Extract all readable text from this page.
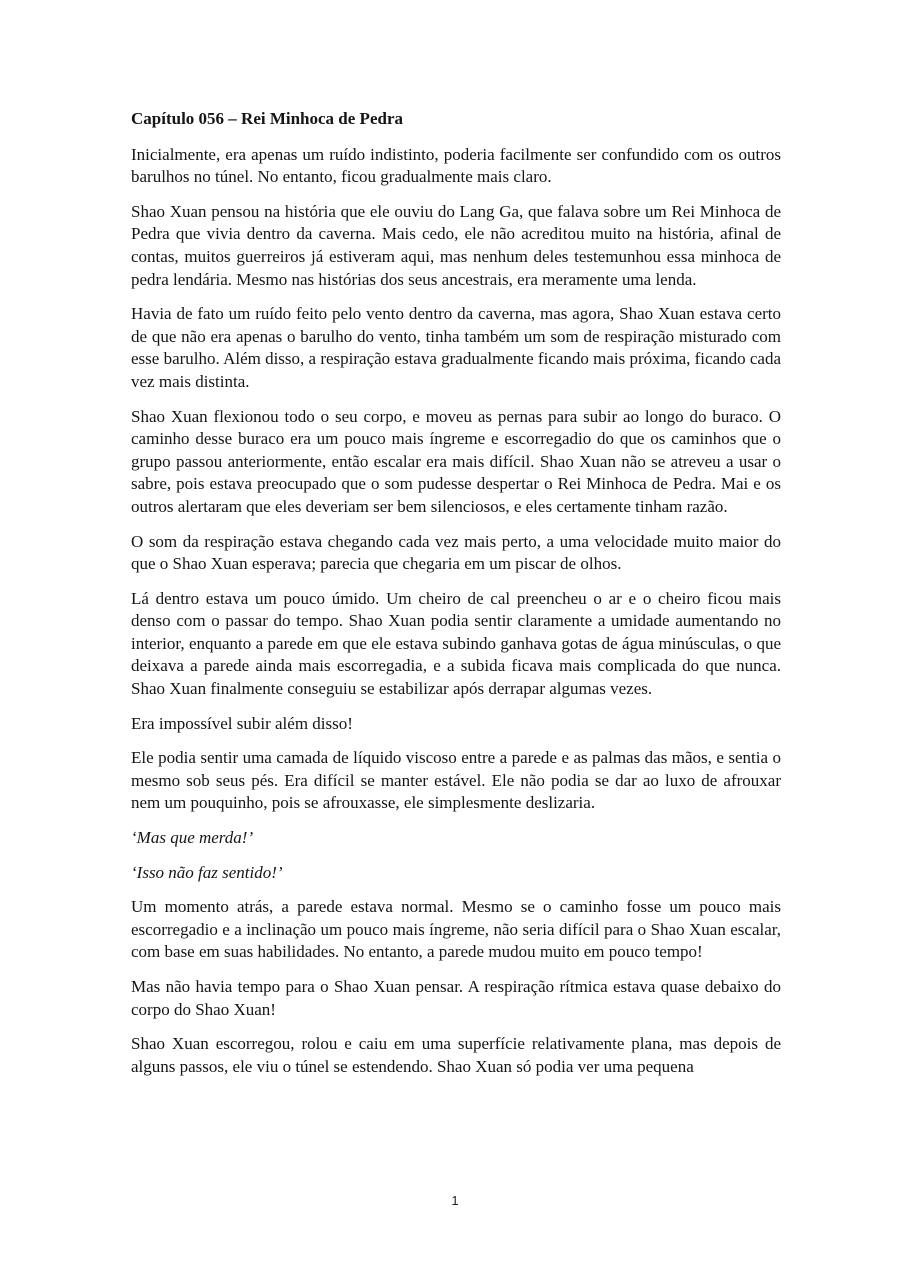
Capítulo 056 – Rei Minhoca de Pedra

Inicialmente, era apenas um ruído indistinto, poderia facilmente ser confundido com os outros barulhos no túnel. No entanto, ficou gradualmente mais claro.

Shao Xuan pensou na história que ele ouviu do Lang Ga, que falava sobre um Rei Minhoca de Pedra que vivia dentro da caverna. Mais cedo, ele não acreditou muito na história, afinal de contas, muitos guerreiros já estiveram aqui, mas nenhum deles testemunhou essa minhoca de pedra lendária. Mesmo nas histórias dos seus ancestrais, era meramente uma lenda.

Havia de fato um ruído feito pelo vento dentro da caverna, mas agora, Shao Xuan estava certo de que não era apenas o barulho do vento, tinha também um som de respiração misturado com esse barulho. Além disso, a respiração estava gradualmente ficando mais próxima, ficando cada vez mais distinta.

Shao Xuan flexionou todo o seu corpo, e moveu as pernas para subir ao longo do buraco. O caminho desse buraco era um pouco mais íngreme e escorregadio do que os caminhos que o grupo passou anteriormente, então escalar era mais difícil. Shao Xuan não se atreveu a usar o sabre, pois estava preocupado que o som pudesse despertar o Rei Minhoca de Pedra. Mai e os outros alertaram que eles deveriam ser bem silenciosos, e eles certamente tinham razão.

O som da respiração estava chegando cada vez mais perto, a uma velocidade muito maior do que o Shao Xuan esperava; parecia que chegaria em um piscar de olhos.

Lá dentro estava um pouco úmido. Um cheiro de cal preencheu o ar e o cheiro ficou mais denso com o passar do tempo. Shao Xuan podia sentir claramente a umidade aumentando no interior, enquanto a parede em que ele estava subindo ganhava gotas de água minúsculas, o que deixava a parede ainda mais escorregadia, e a subida ficava mais complicada do que nunca. Shao Xuan finalmente conseguiu se estabilizar após derrapar algumas vezes.

Era impossível subir além disso!

Ele podia sentir uma camada de líquido viscoso entre a parede e as palmas das mãos, e sentia o mesmo sob seus pés. Era difícil se manter estável. Ele não podia se dar ao luxo de afrouxar nem um pouquinho, pois se afrouxasse, ele simplesmente deslizaria.

‘Mas que merda!’

‘Isso não faz sentido!’

Um momento atrás, a parede estava normal. Mesmo se o caminho fosse um pouco mais escorregadio e a inclinação um pouco mais íngreme, não seria difícil para o Shao Xuan escalar, com base em suas habilidades. No entanto, a parede mudou muito em pouco tempo!

Mas não havia tempo para o Shao Xuan pensar. A respiração rítmica estava quase debaixo do corpo do Shao Xuan!

Shao Xuan escorregou, rolou e caiu em uma superfície relativamente plana, mas depois de alguns passos, ele viu o túnel se estendendo. Shao Xuan só podia ver uma pequena

1
